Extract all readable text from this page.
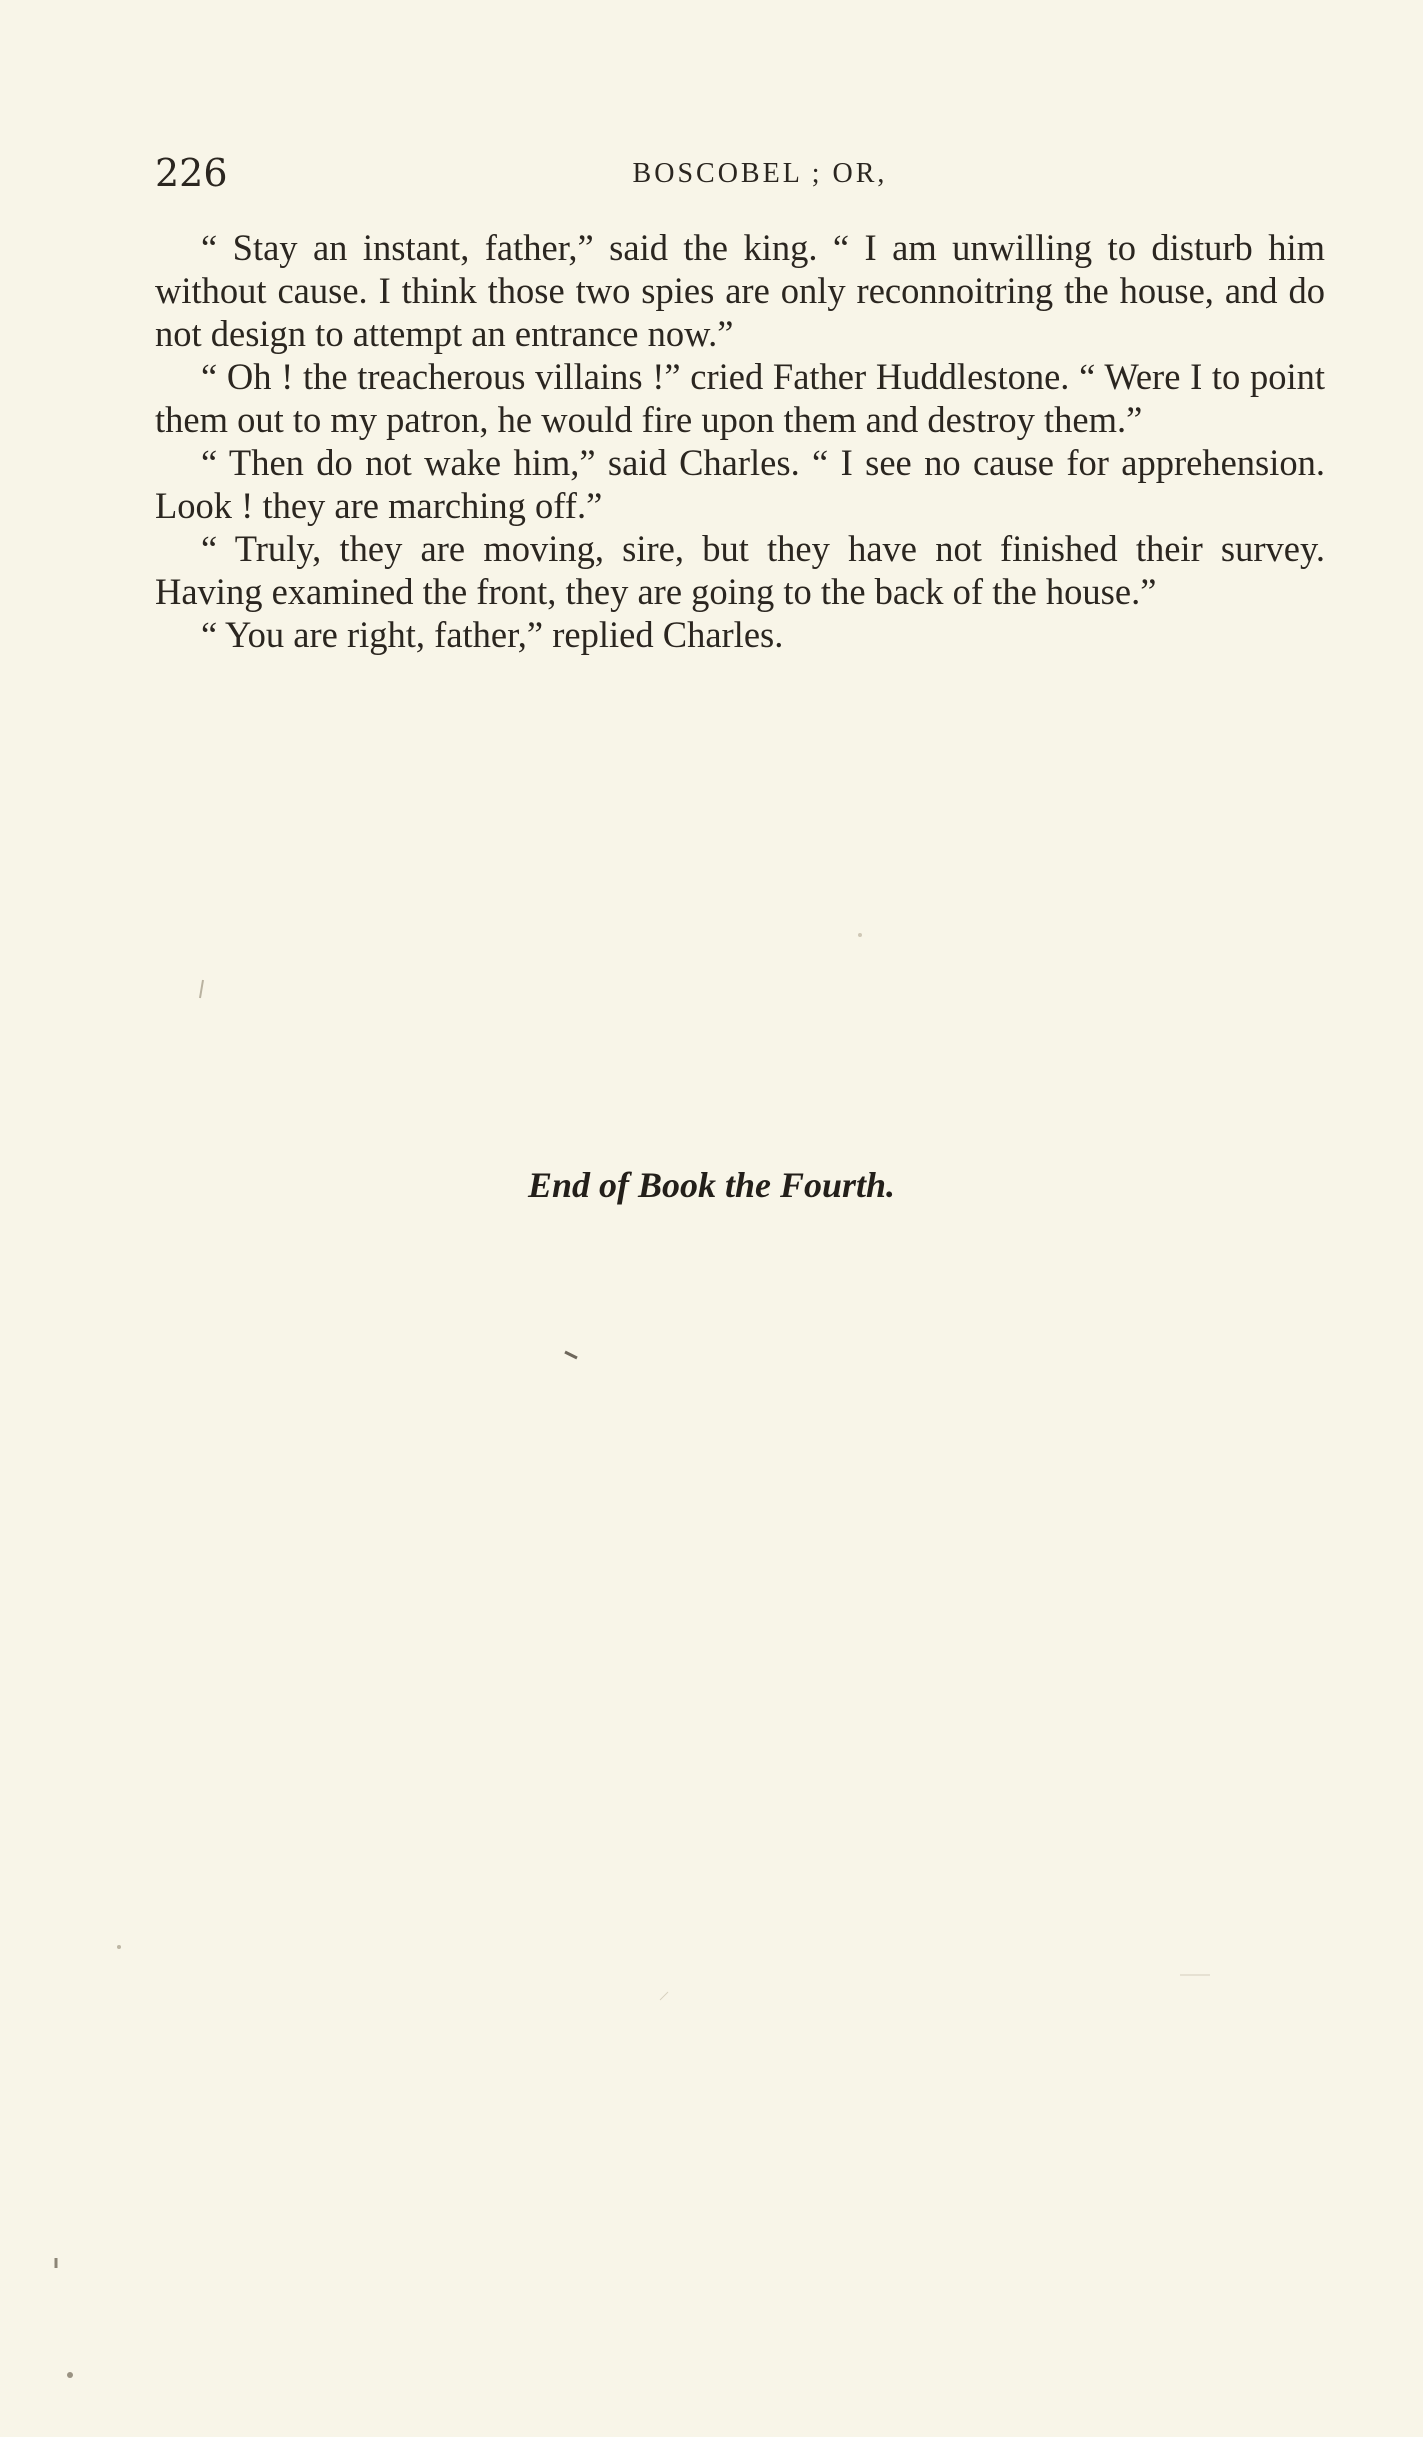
226	BOSCOBEL ; OR,

“ Stay an instant, father,” said the king. “ I am unwilling to disturb him without cause. I think those two spies are only reconnoitring the house, and do not design to attempt an entrance now.”

“ Oh ! the treacherous villains !” cried Father Huddlestone. “ Were I to point them out to my patron, he would fire upon them and destroy them.”

“ Then do not wake him,” said Charles. “ I see no cause for apprehension. Look ! they are marching off.”

“ Truly, they are moving, sire, but they have not finished their survey. Having examined the front, they are going to the back of the house.”

“ You are right, father,” replied Charles.

End of Book the Fourth.
